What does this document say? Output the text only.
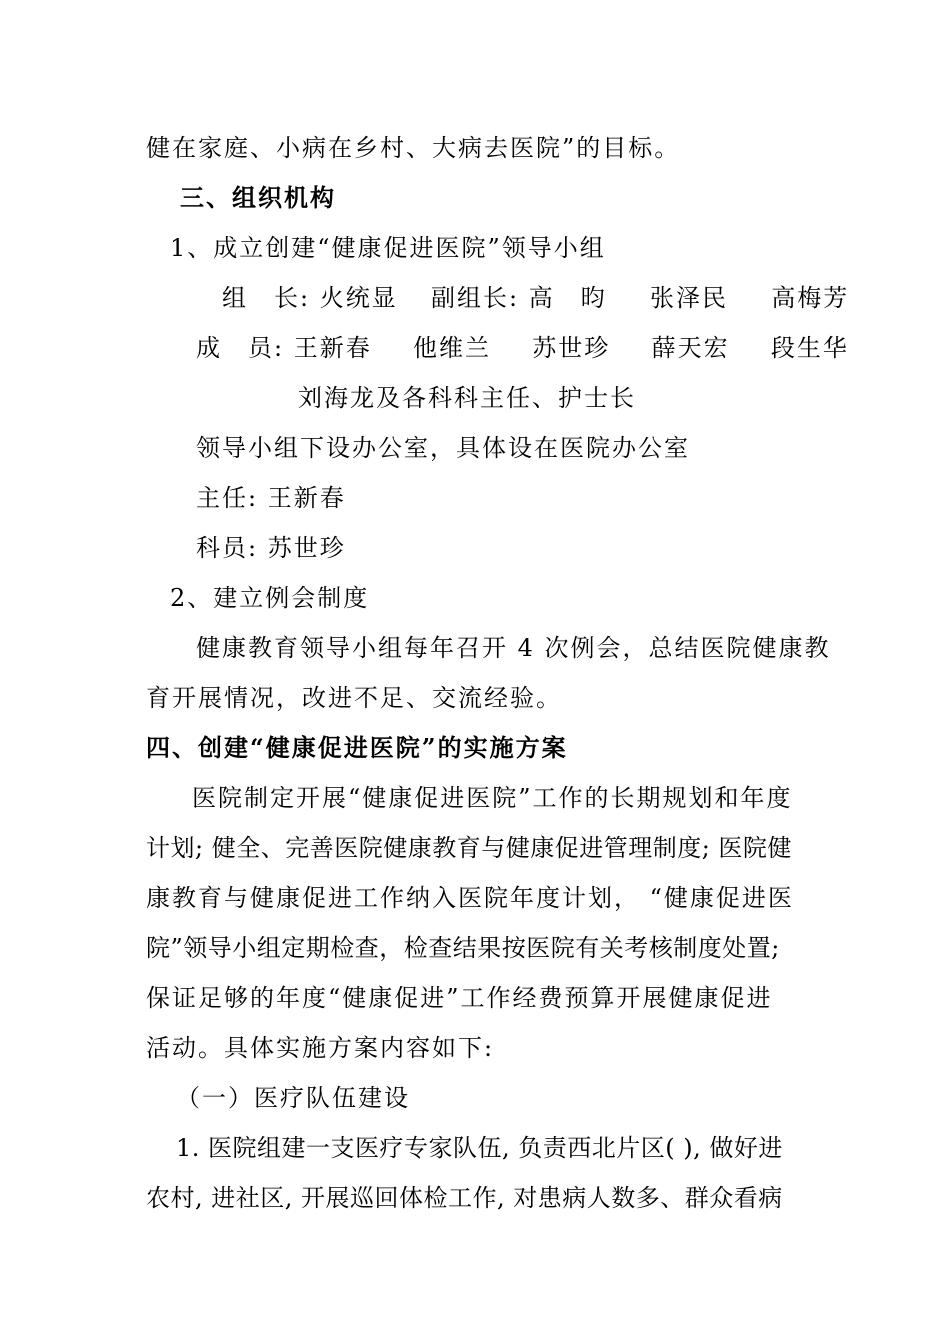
健在家庭、小病在乡村、大病去医院”的目标。
三、组织机构
1、成立创建“健康促进医院”领导小组
组　长: 火统显 副组长: 高　昀 张泽民 高梅芳
成　员: 王新春 他维兰 苏世珍 薛天宏 段生华
刘海龙及各科科主任、护士长
领导小组下设办公室，具体设在医院办公室
主任: 王新春
科员: 苏世珍
2、建立例会制度
健康教育领导小组每年召开 4 次例会，总结医院健康教
育开展情况，改进不足、交流经验。
四、创建“健康促进医院”的实施方案
医院制定开展“健康促进医院”工作的长期规划和年度
计划; 健全、完善医院健康教育与健康促进管理制度; 医院健
康教育与健康促进工作纳入医院年度计划， “健康促进医
院”领导小组定期检查，检查结果按医院有关考核制度处置;
保证足够的年度“健康促进”工作经费预算开展健康促进
活动。具体实施方案内容如下:
（一）医疗队伍建设
1. 医院组建一支医疗专家队伍, 负责西北片区( ), 做好进
农村, 进社区, 开展巡回体检工作, 对患病人数多、群众看病
